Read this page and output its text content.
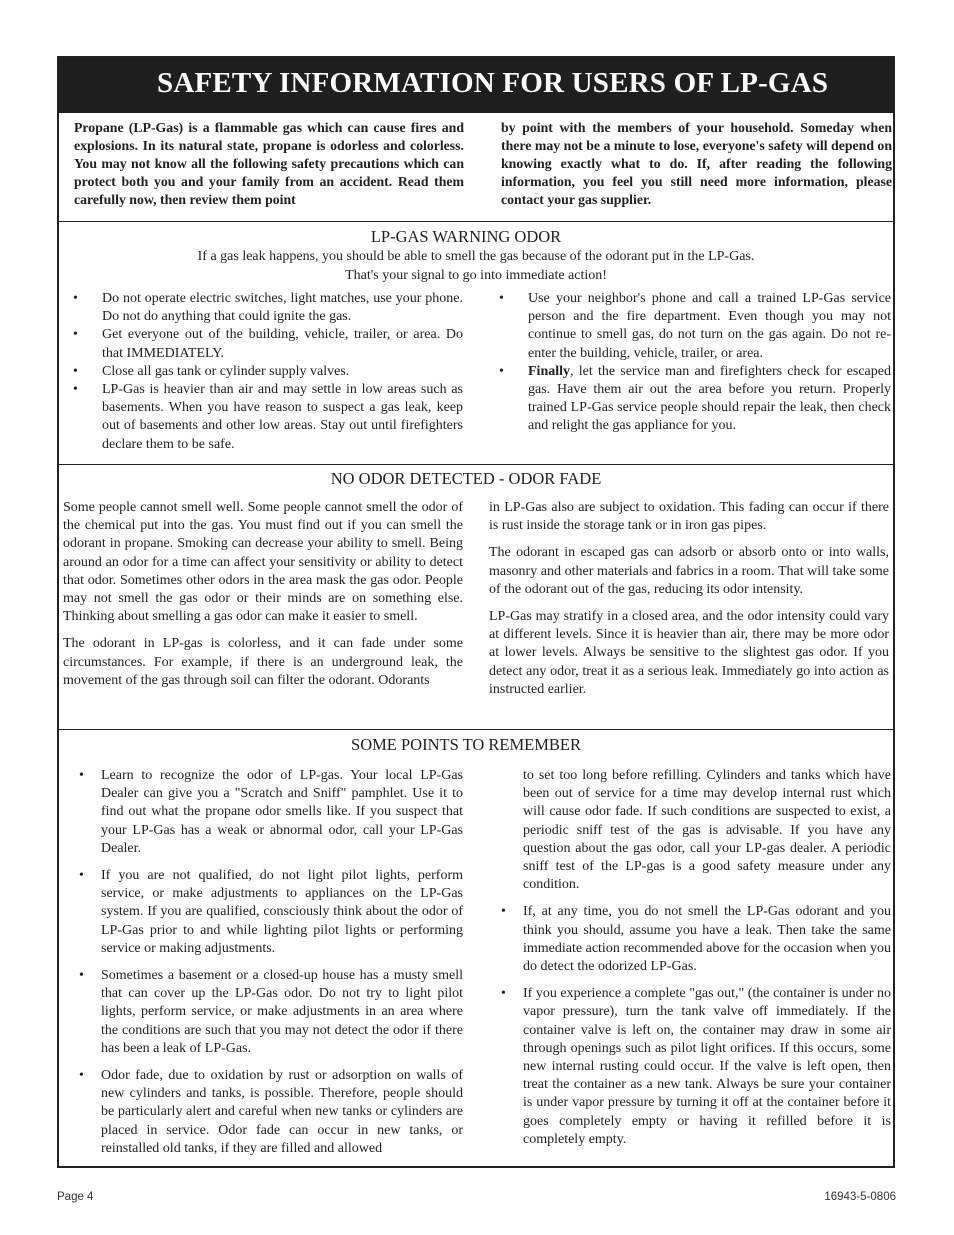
SAFETY INFORMATION FOR USERS OF LP-GAS
Propane (LP-Gas) is a flammable gas which can cause fires and explosions. In its natural state, propane is odorless and colorless. You may not know all the following safety precautions which can protect both you and your family from an accident. Read them carefully now, then review them point
by point with the members of your household. Someday when there may not be a minute to lose, everyone's safety will depend on knowing exactly what to do. If, after reading the following information, you feel you still need more information, please contact your gas supplier.
LP-GAS WARNING ODOR
If a gas leak happens, you should be able to smell the gas because of the odorant put in the LP-Gas.
That's your signal to go into immediate action!
• Do not operate electric switches, light matches, use your phone. Do not do anything that could ignite the gas.
• Get everyone out of the building, vehicle, trailer, or area. Do that IMMEDIATELY.
• Close all gas tank or cylinder supply valves.
• LP-Gas is heavier than air and may settle in low areas such as basements. When you have reason to suspect a gas leak, keep out of basements and other low areas. Stay out until firefighters declare them to be safe.
• Use your neighbor's phone and call a trained LP-Gas service person and the fire department. Even though you may not continue to smell gas, do not turn on the gas again. Do not re-enter the building, vehicle, trailer, or area.
• Finally, let the service man and firefighters check for escaped gas. Have them air out the area before you return. Properly trained LP-Gas service people should repair the leak, then check and relight the gas appliance for you.
NO ODOR DETECTED - ODOR FADE

Some people cannot smell well. Some people cannot smell the odor of the chemical put into the gas. You must find out if you can smell the odorant in propane. Smoking can decrease your ability to smell. Being around an odor for a time can affect your sensitivity or ability to detect that odor. Sometimes other odors in the area mask the gas odor. People may not smell the gas odor or their minds are on something else. Thinking about smelling a gas odor can make it easier to smell.

The odorant in LP-gas is colorless, and it can fade under some circumstances. For example, if there is an underground leak, the movement of the gas through soil can filter the odorant. Odorants

in LP-Gas also are subject to oxidation. This fading can occur if there is rust inside the storage tank or in iron gas pipes.

The odorant in escaped gas can adsorb or absorb onto or into walls, masonry and other materials and fabrics in a room. That will take some of the odorant out of the gas, reducing its odor intensity.

LP-Gas may stratify in a closed area, and the odor intensity could vary at different levels. Since it is heavier than air, there may be more odor at lower levels. Always be sensitive to the slightest gas odor. If you detect any odor, treat it as a serious leak. Immediately go into action as instructed earlier.

SOME POINTS TO REMEMBER
• Learn to recognize the odor of LP-gas. Your local LP-Gas Dealer can give you a "Scratch and Sniff" pamphlet. Use it to find out what the propane odor smells like. If you suspect that your LP-Gas has a weak or abnormal odor, call your LP-Gas Dealer.
• If you are not qualified, do not light pilot lights, perform service, or make adjustments to appliances on the LP-Gas system. If you are qualified, consciously think about the odor of LP-Gas prior to and while lighting pilot lights or performing service or making adjustments.
• Sometimes a basement or a closed-up house has a musty smell that can cover up the LP-Gas odor. Do not try to light pilot lights, perform service, or make adjustments in an area where the conditions are such that you may not detect the odor if there has been a leak of LP-Gas.
• Odor fade, due to oxidation by rust or adsorption on walls of new cylinders and tanks, is possible. Therefore, people should be particularly alert and careful when new tanks or cylinders are placed in service. Odor fade can occur in new tanks, or reinstalled old tanks, if they are filled and allowed
to set too long before refilling. Cylinders and tanks which have been out of service for a time may develop internal rust which will cause odor fade. If such conditions are suspected to exist, a periodic sniff test of the gas is advisable. If you have any question about the gas odor, call your LP-gas dealer. A periodic sniff test of the LP-gas is a good safety measure under any condition.
• If, at any time, you do not smell the LP-Gas odorant and you think you should, assume you have a leak. Then take the same immediate action recommended above for the occasion when you do detect the odorized LP-Gas.
• If you experience a complete "gas out," (the container is under no vapor pressure), turn the tank valve off immediately. If the container valve is left on, the container may draw in some air through openings such as pilot light orifices. If this occurs, some new internal rusting could occur. If the valve is left open, then treat the container as a new tank. Always be sure your container is under vapor pressure by turning it off at the container before it goes completely empty or having it refilled before it is completely empty.
Page 4	16943-5-0806
